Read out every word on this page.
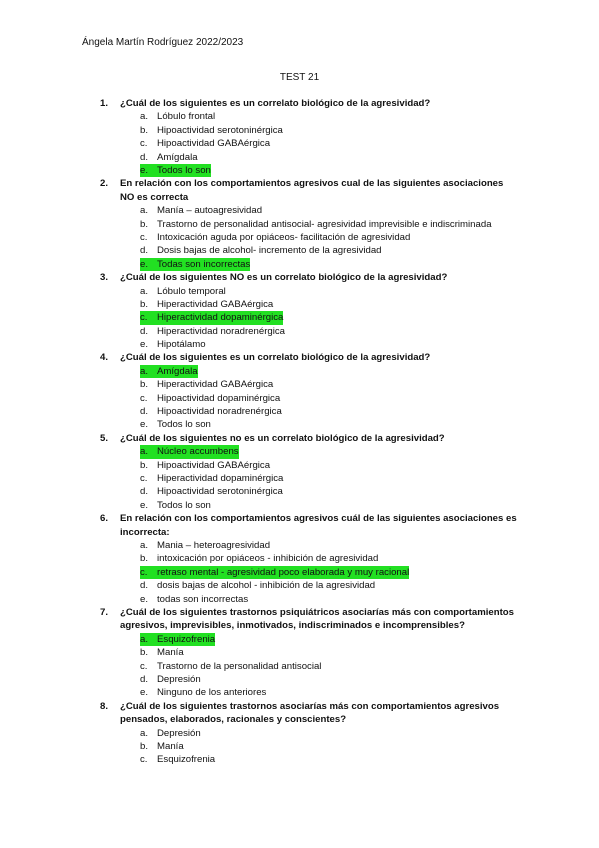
Ángela Martín Rodríguez 2022/2023
TEST 21
1.	¿Cuál de los siguientes es un correlato biológico de la agresividad?
a. Lóbulo frontal
b. Hipoactividad serotoninérgica
c. Hipoactividad GABAérgica
d. Amígdala
e. Todos lo son
2.	En relación con los comportamientos agresivos cual de las siguientes asociaciones NO es correcta
a. Manía – autoagresividad
b. Trastorno de personalidad antisocial- agresividad imprevisible e indiscriminada
c. Intoxicación aguda por opiáceos- facilitación de agresividad
d. Dosis bajas de alcohol- incremento de la agresividad
e. Todas son incorrectas
3.	¿Cuál de los siguientes NO es un correlato biológico de la agresividad?
a. Lóbulo temporal
b. Hiperactividad GABAérgica
c. Hiperactividad dopaminérgica
d. Hiperactividad noradrenérgica
e. Hipotálamo
4.	¿Cuál de los siguientes es un correlato biológico de la agresividad?
a. Amígdala
b. Hiperactividad GABAérgica
c. Hipoactividad dopaminérgica
d. Hipoactividad noradrenérgica
e. Todos lo son
5.	¿Cuál de los siguientes no es un correlato biológico de la agresividad?
a. Núcleo accumbens
b. Hipoactividad GABAérgica
c. Hiperactividad dopaminérgica
d. Hipoactividad serotoninérgica
e. Todos lo son
6.	En relación con los comportamientos agresivos cuál de las siguientes asociaciones es incorrecta:
a. Mania – heteroagresividad
b. intoxicación por opiáceos - inhibición de agresividad
c. retraso mental - agresividad poco elaborada y muy racional
d. dosis bajas de alcohol - inhibición de la agresividad
e. todas son incorrectas
7.	¿Cuál de los siguientes trastornos psiquiátricos asociarías más con comportamientos agresivos, imprevisibles, inmotivados, indiscriminados e incomprensibles?
a. Esquizofrenia
b. Manía
c. Trastorno de la personalidad antisocial
d. Depresión
e. Ninguno de los anteriores
8.	¿Cuál de los siguientes trastornos asociarías más con comportamientos agresivos pensados, elaborados, racionales y conscientes?
a. Depresión
b. Manía
c. Esquizofrenia
